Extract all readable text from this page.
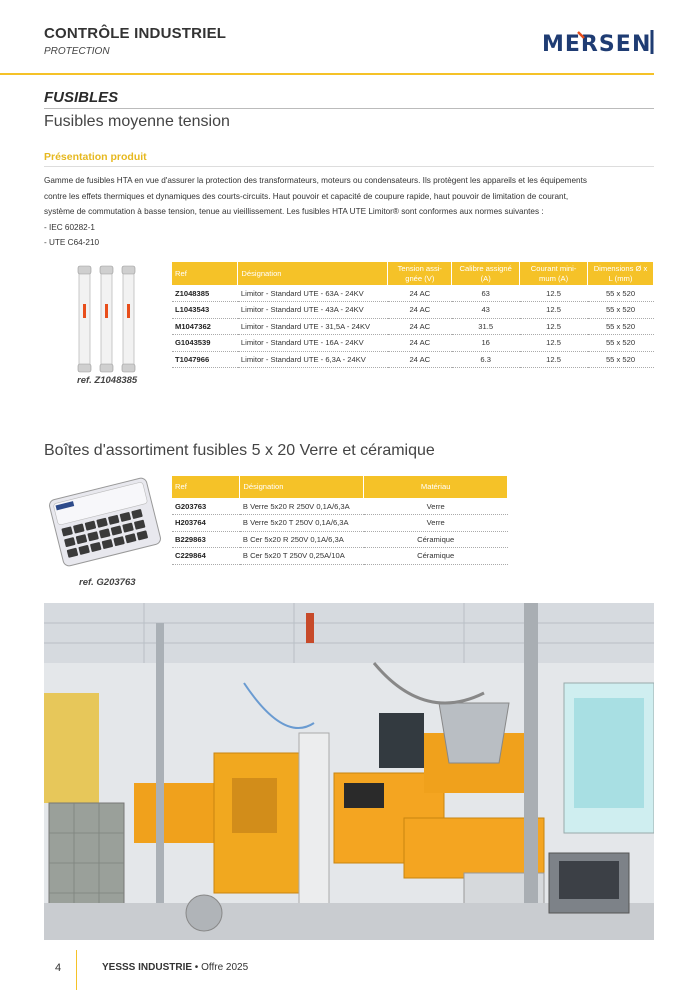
CONTRÔLE INDUSTRIEL
PROTECTION	MERSE N
FUSIBLES
Fusibles moyenne tension
Présentation produit
Gamme de fusibles HTA en vue d'assurer la protection des transformateurs, moteurs ou condensateurs. Ils protègent les appareils et les équipements
contre les effets thermiques et dynamiques des courts-circuits. Haut pouvoir et capacité de coupure rapide, haut pouvoir de limitation de courant,
système de commutation à basse tension, tenue au vieillissement. Les fusibles HTA UTE Limitor® sont conformes aux normes suivantes :
- IEC 60282-1
- UTE C64-210
ref. Z1048385
Ref	Désignation	Tension assi-gnée (V)	Calibre assigné (A)	Courant mini-mum (A)	Dimensions Ø x L (mm)
Z1048385	Limitor - Standard UTE - 63A - 24KV	24 AC	63	12.5	55 x 520
L1043543	Limitor - Standard UTE - 43A - 24KV	24 AC	43	12.5	55 x 520
M1047362	Limitor - Standard UTE - 31,5A - 24KV	24 AC	31.5	12.5	55 x 520
G1043539	Limitor - Standard UTE - 16A - 24KV	24 AC	16	12.5	55 x 520
T1047966	Limitor - Standard UTE - 6,3A - 24KV	24 AC	6.3	12.5	55 x 520
Boîtes d'assortiment fusibles 5 x 20 Verre et céramique
ref. G203763
Ref	Désignation	Matériau
G203763	B Verre 5x20 R 250V 0,1A/6,3A	Verre
H203764	B Verre 5x20 T 250V 0,1A/6,3A	Verre
B229863	B Cer 5x20 R 250V 0,1A/6,3A	Céramique
C229864	B Cer 5x20 T 250V 0,25A/10A	Céramique
4	YESSS INDUSTRIE • Offre 2025
